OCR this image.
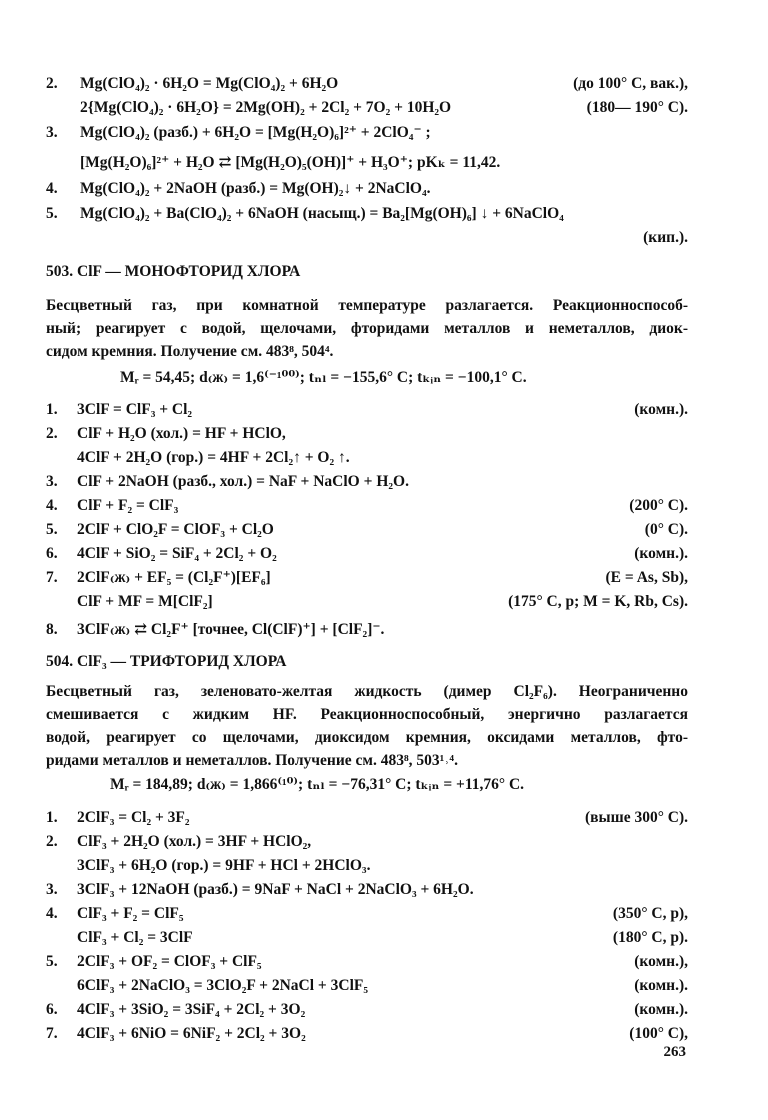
2. Mg(ClO₄)₂ · 6H₂O = Mg(ClO₄)₂ + 6H₂O	(до 100° С, вак.),
2{Mg(ClO₄)₂ · 6H₂O} = 2Mg(OH)₂ + 2Cl₂ + 7O₂ + 10H₂O	(180— 190° С).
3. Mg(ClO₄)₂ (разб.) + 6H₂O = [Mg(H₂O)₆]²⁺ + 2ClO₄⁻ ;
[Mg(H₂O)₆]²⁺ + H₂O ⇄ [Mg(H₂O)₅(OH)]⁺ + H₃O⁺; pKₖ = 11,42.
4. Mg(ClO₄)₂ + 2NaOH (разб.) = Mg(OH)₂↓ + 2NaClO₄.
5. Mg(ClO₄)₂ + Ba(ClO₄)₂ + 6NaOH (насыщ.) = Ba₂[Mg(OH)₆] ↓ + 6NaClO₄
(кип.).
503. ClF — МОНОФТОРИД ХЛОРА
Бесцветный газ, при комнатной температуре разлагается. Реакционноспособ-
ный; реагирует с водой, щелочами, фторидами металлов и неметаллов, диок-
сидом кремния. Получение см. 483⁸, 504⁴.
Mᵣ = 54,45; d₍ж₎ = 1,6⁽⁻¹⁰⁰⁾; tₙₗ = −155,6° С; tₖᵢₙ = −100,1° С.
1. 3ClF = ClF₃ + Cl₂	(комн.).
2. ClF + H₂O (хол.) = HF + HClO,
4ClF + 2H₂O (гор.) = 4HF + 2Cl₂↑ + O₂ ↑.
3. ClF + 2NaOH (разб., хол.) = NaF + NaClO + H₂O.
4. ClF + F₂ = ClF₃	(200° С).
5. 2ClF + ClO₂F = ClOF₃ + Cl₂O	(0° С).
6. 4ClF + SiO₂ = SiF₄ + 2Cl₂ + O₂	(комн.).
7. 2ClF₍ж₎ + EF₅ = (Cl₂F⁺)[EF₆]	(E = As, Sb),
ClF + MF = M[ClF₂]	(175° С, p; M = K, Rb, Cs).
8. 3ClF₍ж₎ ⇄ Cl₂F⁺ [точнее, Cl(ClF)⁺] + [ClF₂]⁻.
504. ClF₃ — ТРИФТОРИД ХЛОРА
Бесцветный газ, зеленовато-желтая жидкость (димер Cl₂F₆). Неограниченно
смешивается с жидким HF. Реакционноспособный, энергично разлагается
водой, реагирует со щелочами, диоксидом кремния, оксидами металлов, фто-
ридами металлов и неметаллов. Получение см. 483⁸, 503¹˒⁴.
Mᵣ = 184,89; d₍ж₎ = 1,866⁽¹⁰⁾; tₙₗ = −76,31° С; tₖᵢₙ = +11,76° С.
1. 2ClF₃ = Cl₂ + 3F₂	(выше 300° С).
2. ClF₃ + 2H₂O (хол.) = 3HF + HClO₂,
3ClF₃ + 6H₂O (гор.) = 9HF + HCl + 2HClO₃.
3. 3ClF₃ + 12NaOH (разб.) = 9NaF + NaCl + 2NaClO₃ + 6H₂O.
4. ClF₃ + F₂ = ClF₅	(350° С, p),
ClF₃ + Cl₂ = 3ClF	(180° С, p).
5. 2ClF₃ + OF₂ = ClOF₃ + ClF₅	(комн.),
6ClF₃ + 2NaClO₃ = 3ClO₂F + 2NaCl + 3ClF₅	(комн.).
6. 4ClF₃ + 3SiO₂ = 3SiF₄ + 2Cl₂ + 3O₂	(комн.).
7. 4ClF₃ + 6NiO = 6NiF₂ + 2Cl₂ + 3O₂	(100° С),
263
